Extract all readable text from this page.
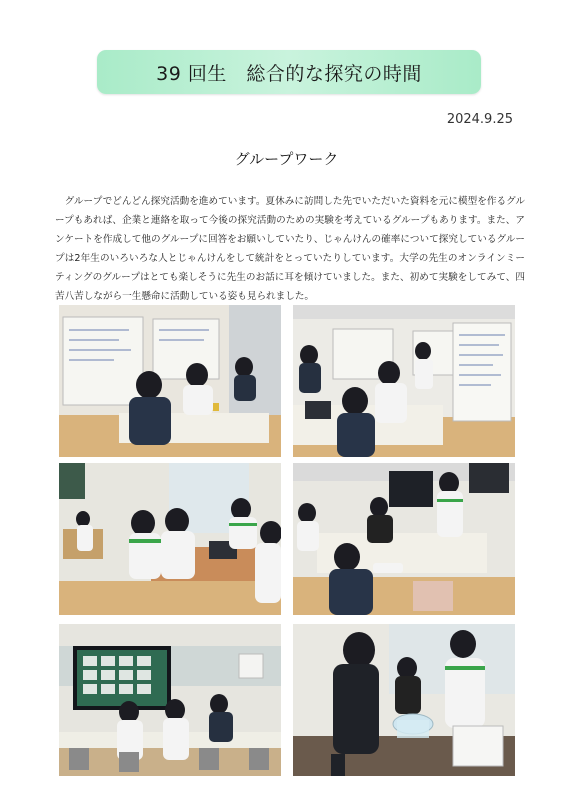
39 回生　総合的な探究の時間
2024.9.25
グループワーク

グループでどんどん探究活動を進めています。夏休みに訪問した先でいただいた資料を元に模型を作るグループもあれば、企業と連絡を取って今後の探究活動のための実験を考えているグループもあります。また、アンケートを作成して他のグループに回答をお願いしていたり、じゃんけんの確率について探究しているグループは2年生のいろいろな人とじゃんけんをして統計をとっていたりしています。大学の先生のオンラインミーティングのグループはとても楽しそうに先生のお話に耳を傾けていました。また、初めて実験をしてみて、四苦八苦しながら一生懸命に活動している姿も見られました。
